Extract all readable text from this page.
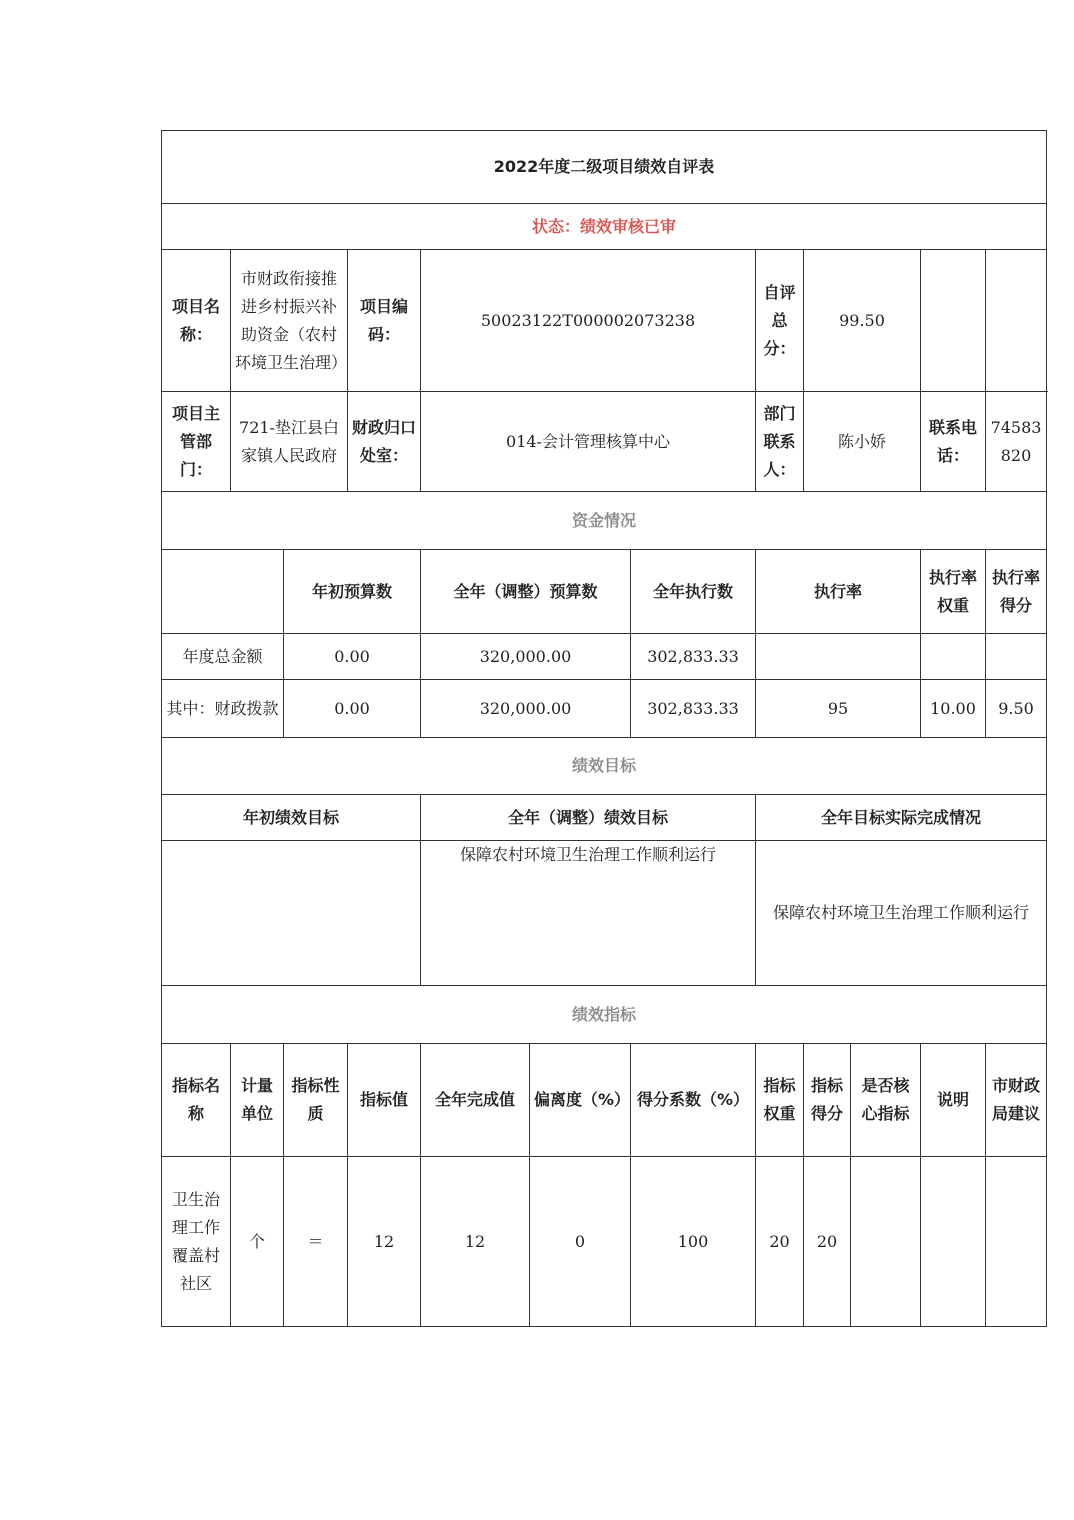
2022年度二级项目绩效自评表											
状态：绩效审核已审											
项目名称：	市财政衔接推进乡村振兴补助资金（农村环境卫生治理）		项目编码：	50023122T000002073238			自评总分：	99.50			
项目主管部门：	721-垫江县白家镇人民政府		财政归口处室：	014-会计管理核算中心			部门联系人：	陈小娇		联系电话：	74583820
资金情况											
		年初预算数		全年（调整）预算数		全年执行数	执行率			执行率权重	执行率得分
年度总金额		0.00		320,000.00		302,833.33					
其中：财政拨款		0.00		320,000.00		302,833.33	95			10.00	9.50
绩效目标											
年初绩效目标				全年（调整）绩效目标			全年目标实际完成情况				
				保障农村环境卫生治理工作顺利运行			保障农村环境卫生治理工作顺利运行				
绩效指标											
指标名称	计量单位	指标性质	指标值	全年完成值	偏离度（%）	得分系数（%）	指标权重	指标得分	是否核心指标	说明	市财政局建议
卫生治理工作覆盖村社区	个	＝	12	12	0	100	20	20			
